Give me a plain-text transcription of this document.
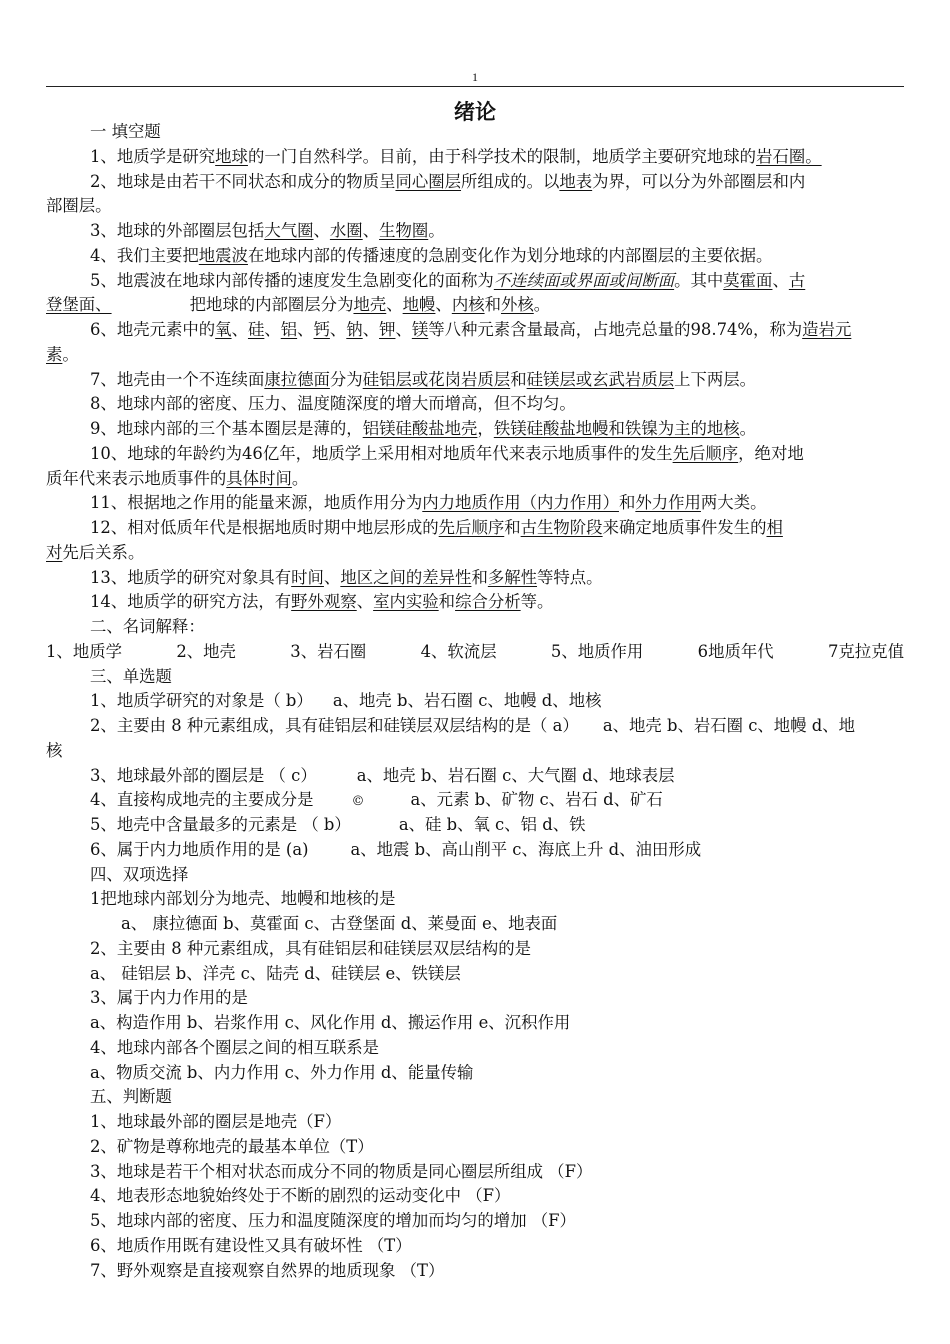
1
绪论
一 填空题
1、地质学是研究地球的一门自然科学。目前，由于科学技术的限制，地质学主要研究地球的岩石圈。
2、地球是由若干不同状态和成分的物质呈同心圈层所组成的。以地表为界，可以分为外部圈层和内
部圈层。
3、地球的外部圈层包括大气圈、水圈、生物圈。
4、我们主要把地震波在地球内部的传播速度的急剧变化作为划分地球的内部圈层的主要依据。
5、地震波在地球内部传播的速度发生急剧变化的面称为不连续面或界面或间断面。其中莫霍面、古
登堡面、	把地球的内部圈层分为地壳、地幔、内核和外核。
6、地壳元素中的氧、硅、铝、钙、钠、钾、镁等八种元素含量最高，占地壳总量的98.74%，称为造岩元
素。
7、地壳由一个不连续面康拉德面分为硅铝层或花岗岩质层和硅镁层或玄武岩质层上下两层。
8、地球内部的密度、压力、温度随深度的增大而增高，但不均匀。
9、地球内部的三个基本圈层是薄的，铝镁硅酸盐地壳，铁镁硅酸盐地幔和铁镍为主的地核。
10、地球的年龄约为46亿年，地质学上采用相对地质年代来表示地质事件的发生先后顺序，绝对地
质年代来表示地质事件的具体时间。
11、根据地之作用的能量来源，地质作用分为内力地质作用（内力作用）和外力作用两大类。
12、相对低质年代是根据地质时期中地层形成的先后顺序和古生物阶段来确定地质事件发生的相
对先后关系。
13、地质学的研究对象具有时间、地区之间的差异性和多解性等特点。
14、地质学的研究方法，有野外观察、室内实验和综合分析等。
二、名词解释：
1、地质学	2、地壳	3、岩石圈	4、软流层	5、地质作用	6地质年代	7克拉克值
三、单选题
1、地质学研究的对象是（ b） a、地壳 b、岩石圈 c、地幔 d、地核
2、主要由 8 种元素组成，具有硅铝层和硅镁层双层结构的是（ a） a、地壳 b、岩石圈 c、地幔 d、地
核
3、地球最外部的圈层是 （ c） a、地壳 b、岩石圈 c、大气圈 d、地球表层
4、直接构成地壳的主要成分是	©	a、元素 b、矿物 c、岩石 d、矿石
5、地壳中含量最多的元素是 （ b）	a、硅 b、氧 c、铝 d、铁
6、属于内力地质作用的是 (a)	a、地震 b、高山削平 c、海底上升 d、油田形成
四、双项选择
1把地球内部划分为地壳、地幔和地核的是
a、 康拉德面 b、莫霍面 c、古登堡面 d、莱曼面 e、地表面
2、主要由 8 种元素组成，具有硅铝层和硅镁层双层结构的是
a、 硅铝层 b、洋壳 c、陆壳 d、硅镁层 e、铁镁层
3、属于内力作用的是
a、构造作用 b、岩浆作用 c、风化作用 d、搬运作用 e、沉积作用
4、地球内部各个圈层之间的相互联系是
a、物质交流 b、内力作用 c、外力作用 d、能量传输
五、判断题
1、地球最外部的圈层是地壳（F）
2、矿物是尊称地壳的最基本单位（T）
3、地球是若干个相对状态而成分不同的物质是同心圈层所组成 （F）
4、地表形态地貌始终处于不断的剧烈的运动变化中 （F）
5、地球内部的密度、压力和温度随深度的增加而均匀的增加 （F）
6、地质作用既有建设性又具有破坏性 （T）
7、野外观察是直接观察自然界的地质现象 （T）
